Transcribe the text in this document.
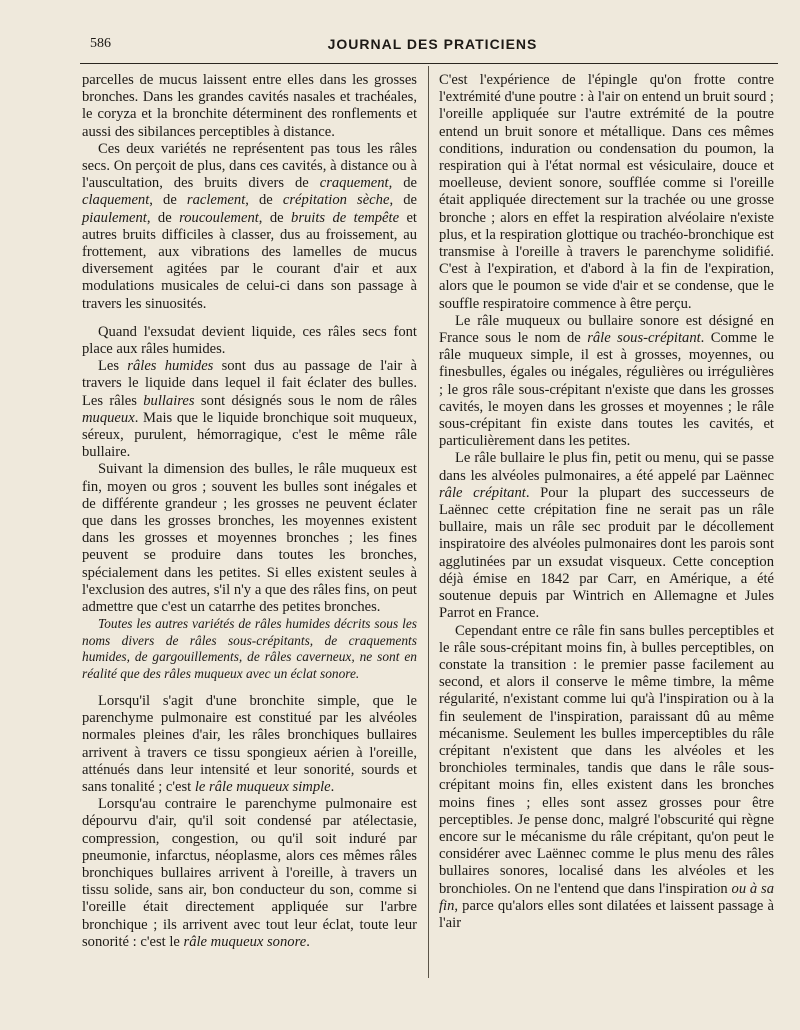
586	JOURNAL DES PRATICIENS

parcelles de mucus laissent entre elles dans les grosses bronches. Dans les grandes cavités nasales et trachéales, le coryza et la bronchite déterminent des ronflements et aussi des sibilances perceptibles à distance.

Ces deux variétés ne représentent pas tous les râles secs. On perçoit de plus, dans ces cavités, à distance ou à l'auscultation, des bruits divers de craquement, de claquement, de raclement, de crépitation sèche, de piaulement, de roucoulement, de bruits de tempête et autres bruits difficiles à classer, dus au froissement, au frottement, aux vibrations des lamelles de mucus diversement agitées par le courant d'air et aux modulations musicales de celui-ci dans son passage à travers les sinuosités.

Quand l'exsudat devient liquide, ces râles secs font place aux râles humides.

Les râles humides sont dus au passage de l'air à travers le liquide dans lequel il fait éclater des bulles. Les râles bullaires sont désignés sous le nom de râles muqueux. Mais que le liquide bronchique soit muqueux, séreux, purulent, hémorragique, c'est le même râle bullaire.

Suivant la dimension des bulles, le râle muqueux est fin, moyen ou gros ; souvent les bulles sont inégales et de différente grandeur ; les grosses ne peuvent éclater que dans les grosses bronches, les moyennes existent dans les grosses et moyennes bronches ; les fines peuvent se produire dans toutes les bronches, spécialement dans les petites. Si elles existent seules à l'exclusion des autres, s'il n'y a que des râles fins, on peut admettre que c'est un catarrhe des petites bronches.

Toutes les autres variétés de râles humides décrits sous les noms divers de râles sous-crépitants, de craquements humides, de gargouillements, de râles caverneux, ne sont en réalité que des râles muqueux avec un éclat sonore.

Lorsqu'il s'agit d'une bronchite simple, que le parenchyme pulmonaire est constitué par les alvéoles normales pleines d'air, les râles bronchiques bullaires arrivent à travers ce tissu spongieux aérien à l'oreille, atténués dans leur intensité et leur sonorité, sourds et sans tonalité ; c'est le râle muqueux simple.

Lorsqu'au contraire le parenchyme pulmonaire est dépourvu d'air, qu'il soit condensé par atélectasie, compression, congestion, ou qu'il soit induré par pneumonie, infarctus, néoplasme, alors ces mêmes râles bronchiques bullaires arrivent à l'oreille, à travers un tissu solide, sans air, bon conducteur du son, comme si l'oreille était directement appliquée sur l'arbre bronchique ; ils arrivent avec tout leur éclat, toute leur sonorité : c'est le râle muqueux sonore.

C'est l'expérience de l'épingle qu'on frotte contre l'extrémité d'une poutre : à l'air on entend un bruit sourd ; l'oreille appliquée sur l'autre extrémité de la poutre entend un bruit sonore et métallique. Dans ces mêmes conditions, induration ou condensation du poumon, la respiration qui à l'état normal est vésiculaire, douce et moelleuse, devient sonore, soufflée comme si l'oreille était appliquée directement sur la trachée ou une grosse bronche ; alors en effet la respiration alvéolaire n'existe plus, et la respiration glottique ou trachéo-bronchique est transmise à l'oreille à travers le parenchyme solidifié. C'est à l'expiration, et d'abord à la fin de l'expiration, alors que le poumon se vide d'air et se condense, que le souffle respiratoire commence à être perçu.

Le râle muqueux ou bullaire sonore est désigné en France sous le nom de râle sous-crépitant. Comme le râle muqueux simple, il est à grosses, moyennes, ou finesbulles, égales ou inégales, régulières ou irrégulières ; le gros râle sous-crépitant n'existe que dans les grosses cavités, le moyen dans les grosses et moyennes ; le râle sous-crépitant fin existe dans toutes les cavités, et particulièrement dans les petites.

Le râle bullaire le plus fin, petit ou menu, qui se passe dans les alvéoles pulmonaires, a été appelé par Laënnec râle crépitant. Pour la plupart des successeurs de Laënnec cette crépitation fine ne serait pas un râle bullaire, mais un râle sec produit par le décollement inspiratoire des alvéoles pulmonaires dont les parois sont agglutinées par un exsudat visqueux. Cette conception déjà émise en 1842 par Carr, en Amérique, a été soutenue depuis par Wintrich en Allemagne et Jules Parrot en France.

Cependant entre ce râle fin sans bulles perceptibles et le râle sous-crépitant moins fin, à bulles perceptibles, on constate la transition : le premier passe facilement au second, et alors il conserve le même timbre, la même régularité, n'existant comme lui qu'à l'inspiration ou à la fin seulement de l'inspiration, paraissant dû au même mécanisme. Seulement les bulles imperceptibles du râle crépitant n'existent que dans les alvéoles et les bronchioles terminales, tandis que dans le râle sous-crépitant moins fin, elles existent dans les bronches moins fines ; elles sont assez grosses pour être perceptibles. Je pense donc, malgré l'obscurité qui règne encore sur le mécanisme du râle crépitant, qu'on peut le considérer avec Laënnec comme le plus menu des râles bullaires sonores, localisé dans les alvéoles et les bronchioles. On ne l'entend que dans l'inspiration ou à sa fin, parce qu'alors elles sont dilatées et laissent passage à l'air
